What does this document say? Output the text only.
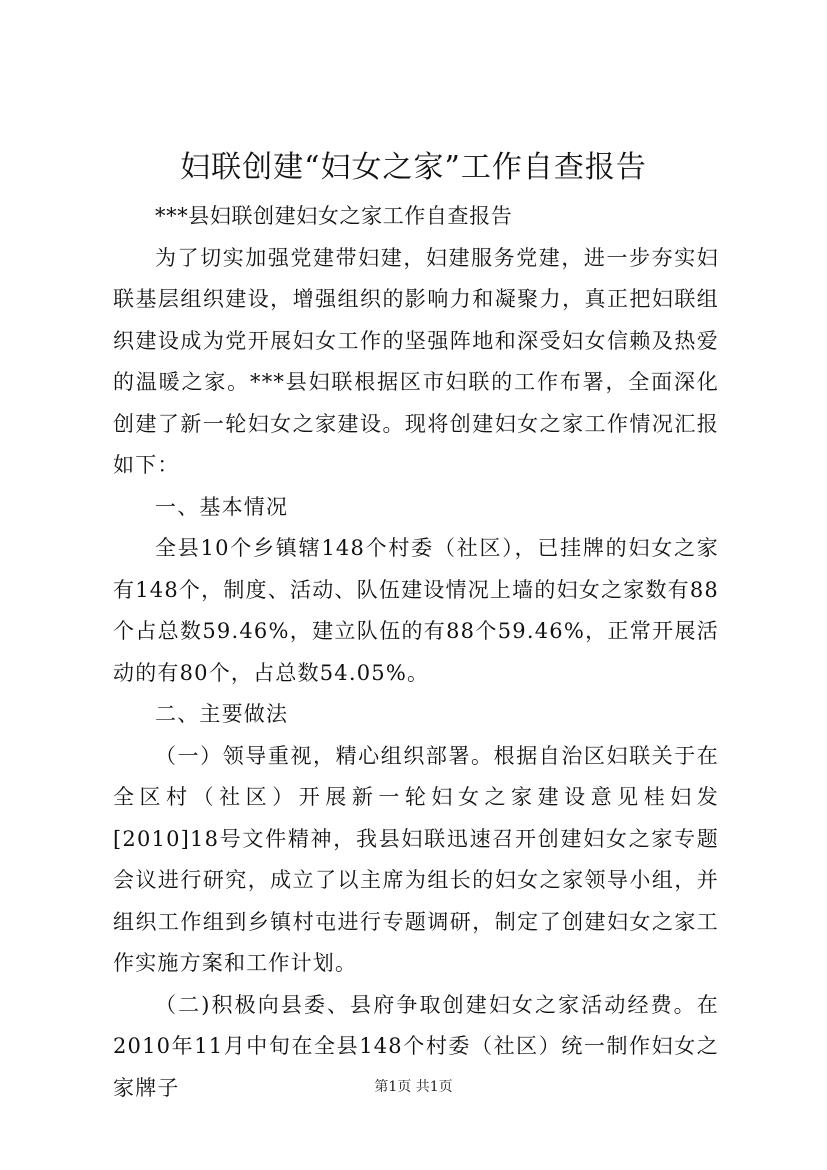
妇联创建“妇女之家”工作自查报告

***县妇联创建妇女之家工作自查报告

为了切实加强党建带妇建，妇建服务党建，进一步夯实妇联基层组织建设，增强组织的影响力和凝聚力，真正把妇联组织建设成为党开展妇女工作的坚强阵地和深受妇女信赖及热爱的温暖之家。***县妇联根据区市妇联的工作布署，全面深化创建了新一轮妇女之家建设。现将创建妇女之家工作情况汇报如下：

一、基本情况

全县10个乡镇辖148个村委（社区），已挂牌的妇女之家有148个，制度、活动、队伍建设情况上墙的妇女之家数有88个占总数59.46%，建立队伍的有88个59.46%，正常开展活动的有80个，占总数54.05%。

二、主要做法

（一）领导重视，精心组织部署。根据自治区妇联关于在全区村（社区）开展新一轮妇女之家建设意见桂妇发[2010]18号文件精神，我县妇联迅速召开创建妇女之家专题会议进行研究，成立了以主席为组长的妇女之家领导小组，并组织工作组到乡镇村屯进行专题调研，制定了创建妇女之家工作实施方案和工作计划。

（二)积极向县委、县府争取创建妇女之家活动经费。在2010年11月中旬在全县148个村委（社区）统一制作妇女之家牌子	第1页 共1页
